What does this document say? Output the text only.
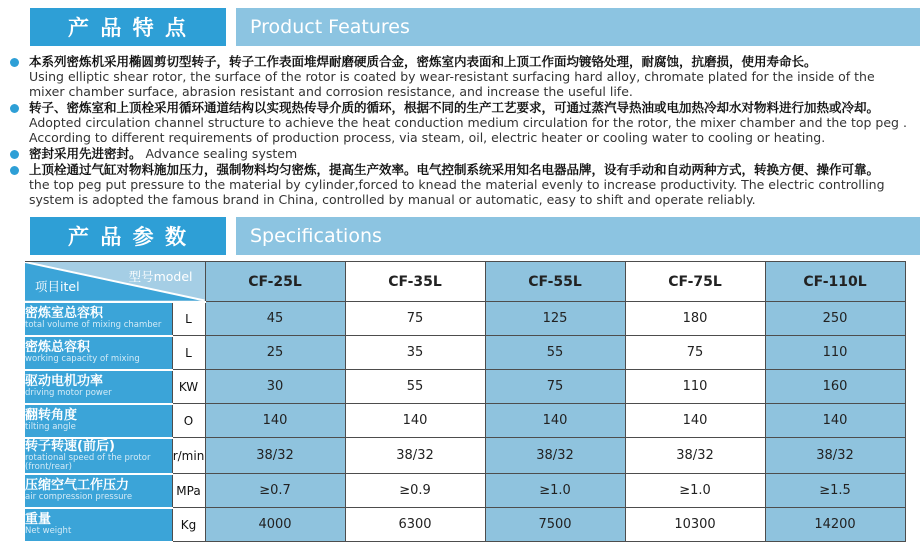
产 品 特 点	Product Features
本系列密炼机采用椭圆剪切型转子，转子工作表面堆焊耐磨硬质合金，密炼室内表面和上顶工作面均镀铬处理，耐腐蚀，抗磨损，使用寿命长。
Using elliptic shear rotor, the surface of the rotor is coated by wear-resistant surfacing hard alloy, chromate plated for the inside of the mixer chamber surface, abrasion resistant and corrosion resistance, and increase the useful life.
转子、密炼室和上顶栓采用循环通道结构以实现热传导介质的循环，根据不同的生产工艺要求，可通过蒸汽导热油或电加热冷却水对物料进行加热或冷却。
Adopted circulation channel structure to achieve the heat conduction medium circulation for the rotor, the mixer chamber and the top peg . According to different requirements of production process, via steam, oil, electric heater or cooling water to cooling or heating.
密封采用先进密封。 Advance sealing system
上顶栓通过气缸对物料施加压力，强制物料均匀密炼，提高生产效率。电气控制系统采用知名电器品牌，设有手动和自动两种方式，转换方便、操作可靠。
the top peg put pressure to the material by cylinder,forced to knead the material evenly to increase productivity. The electric controlling system is adopted the famous brand in China, controlled by manual or automatic, easy to shift and operate reliably.
产 品 参 数	Specifications
型号model
项目itel		CF-25L	CF-35L	CF-55L	CF-75L	CF-110L

密炼室总容积
total volume of mixing chamber	L	45	75	125	180	250

密炼总容积
working capacity of mixing	L	25	35	55	75	110

驱动电机功率
driving motor power	KW	30	55	75	110	160

翻转角度
tilting angle	O	140	140	140	140	140

转子转速(前后)
rotational speed of the protor (front/rear)	r/min	38/32	38/32	38/32	38/32	38/32

压缩空气工作压力
air compression pressure	MPa	≥0.7	≥0.9	≥1.0	≥1.0	≥1.5

重量
Net weight	Kg	4000	6300	7500	10300	14200
